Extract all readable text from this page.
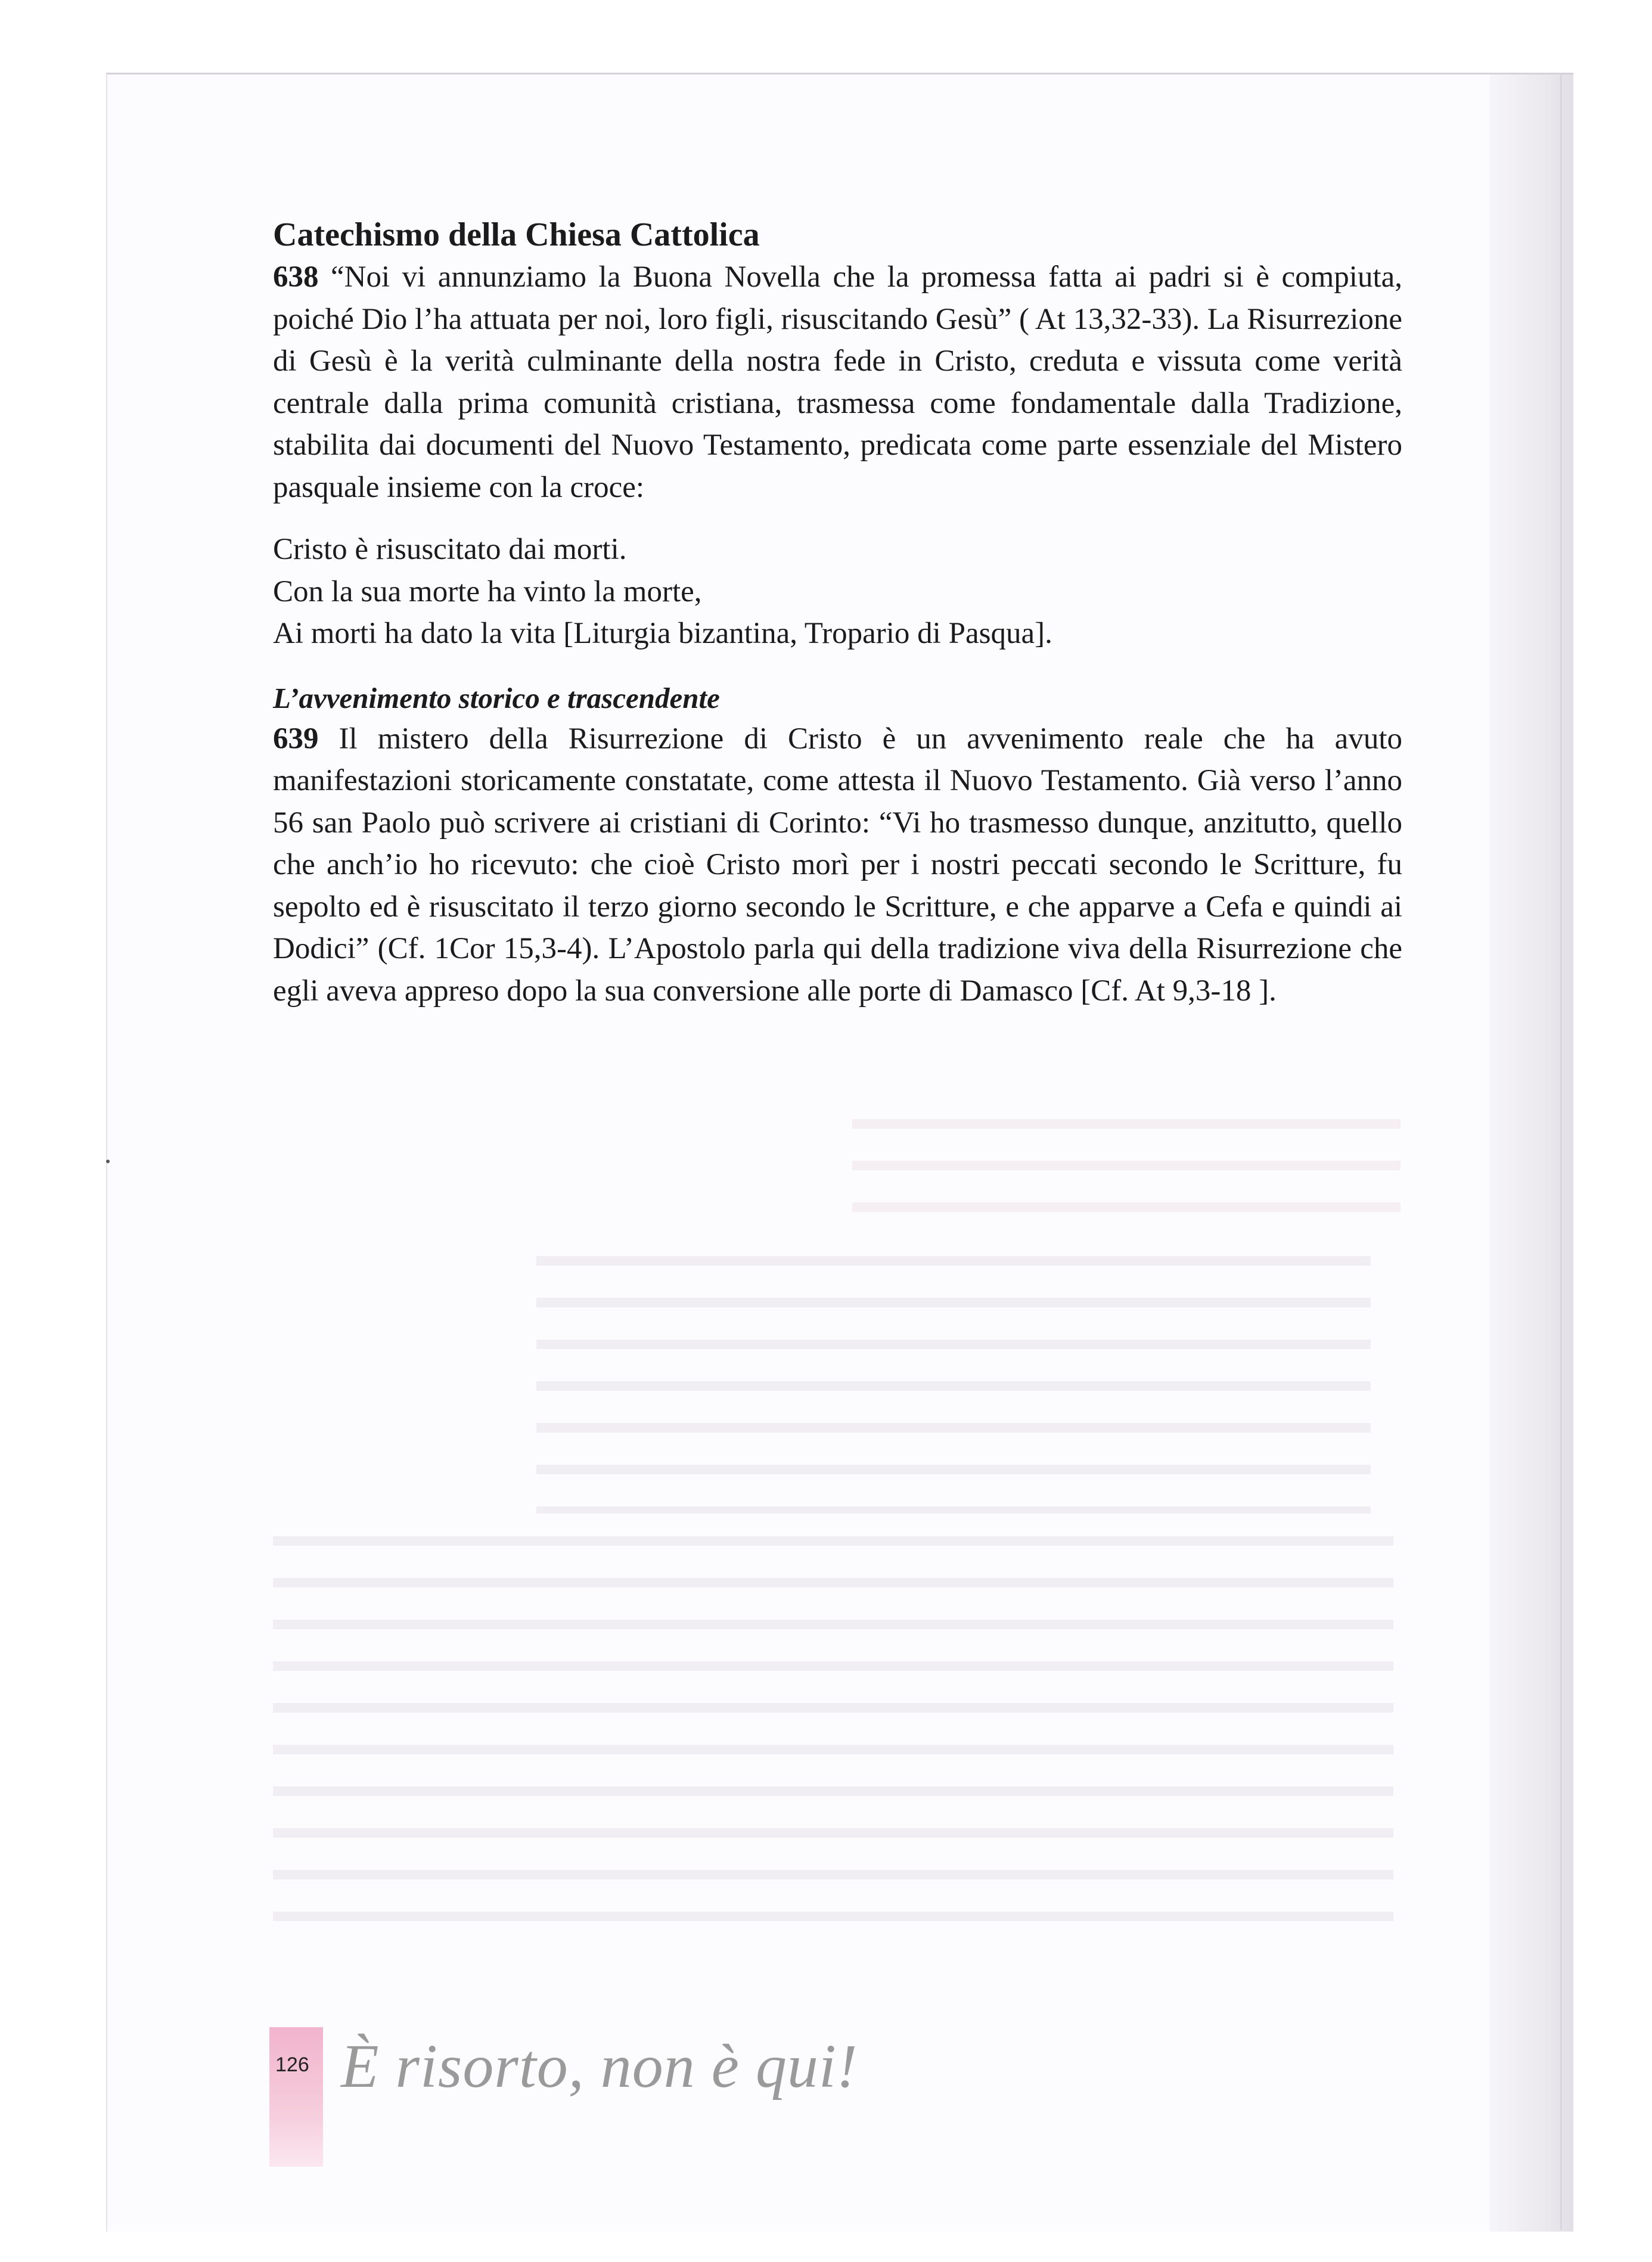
Catechismo della Chiesa Cattolica

638 “Noi vi annunziamo la Buona Novella che la promessa fatta ai padri si è compiuta, poiché Dio l’ha attuata per noi, loro figli, risuscitando Gesù” ( At 13,32-33). La Risurrezione di Gesù è la verità culminante della nostra fede in Cristo, creduta e vissuta come verità centrale dalla prima comunità cristiana, trasmessa come fondamentale dalla Tradizione, stabilita dai documenti del Nuovo Testamento, predicata come parte essenziale del Mistero pasquale insieme con la croce:

Cristo è risuscitato dai morti.

Con la sua morte ha vinto la morte,

Ai morti ha dato la vita [Liturgia bizantina, Tropario di Pasqua].

L’avvenimento storico e trascendente

639 Il mistero della Risurrezione di Cristo è un avvenimento reale che ha avuto manifestazioni storicamente constatate, come attesta il Nuovo Testamento. Già verso l’anno 56 san Paolo può scrivere ai cristiani di Corinto: “Vi ho trasmesso dunque, anzitutto, quello che anch’io ho ricevuto: che cioè Cristo morì per i nostri peccati secondo le Scritture, fu sepolto ed è risuscitato il terzo giorno secondo le Scritture, e che apparve a Cefa e quindi ai Dodici” (Cf. 1Cor 15,3-4). L’Apostolo parla qui della tradizione viva della Risurrezione che egli aveva appreso dopo la sua conversione alle porte di Damasco [Cf. At 9,3-18 ].

126 È risorto, non è qui!
